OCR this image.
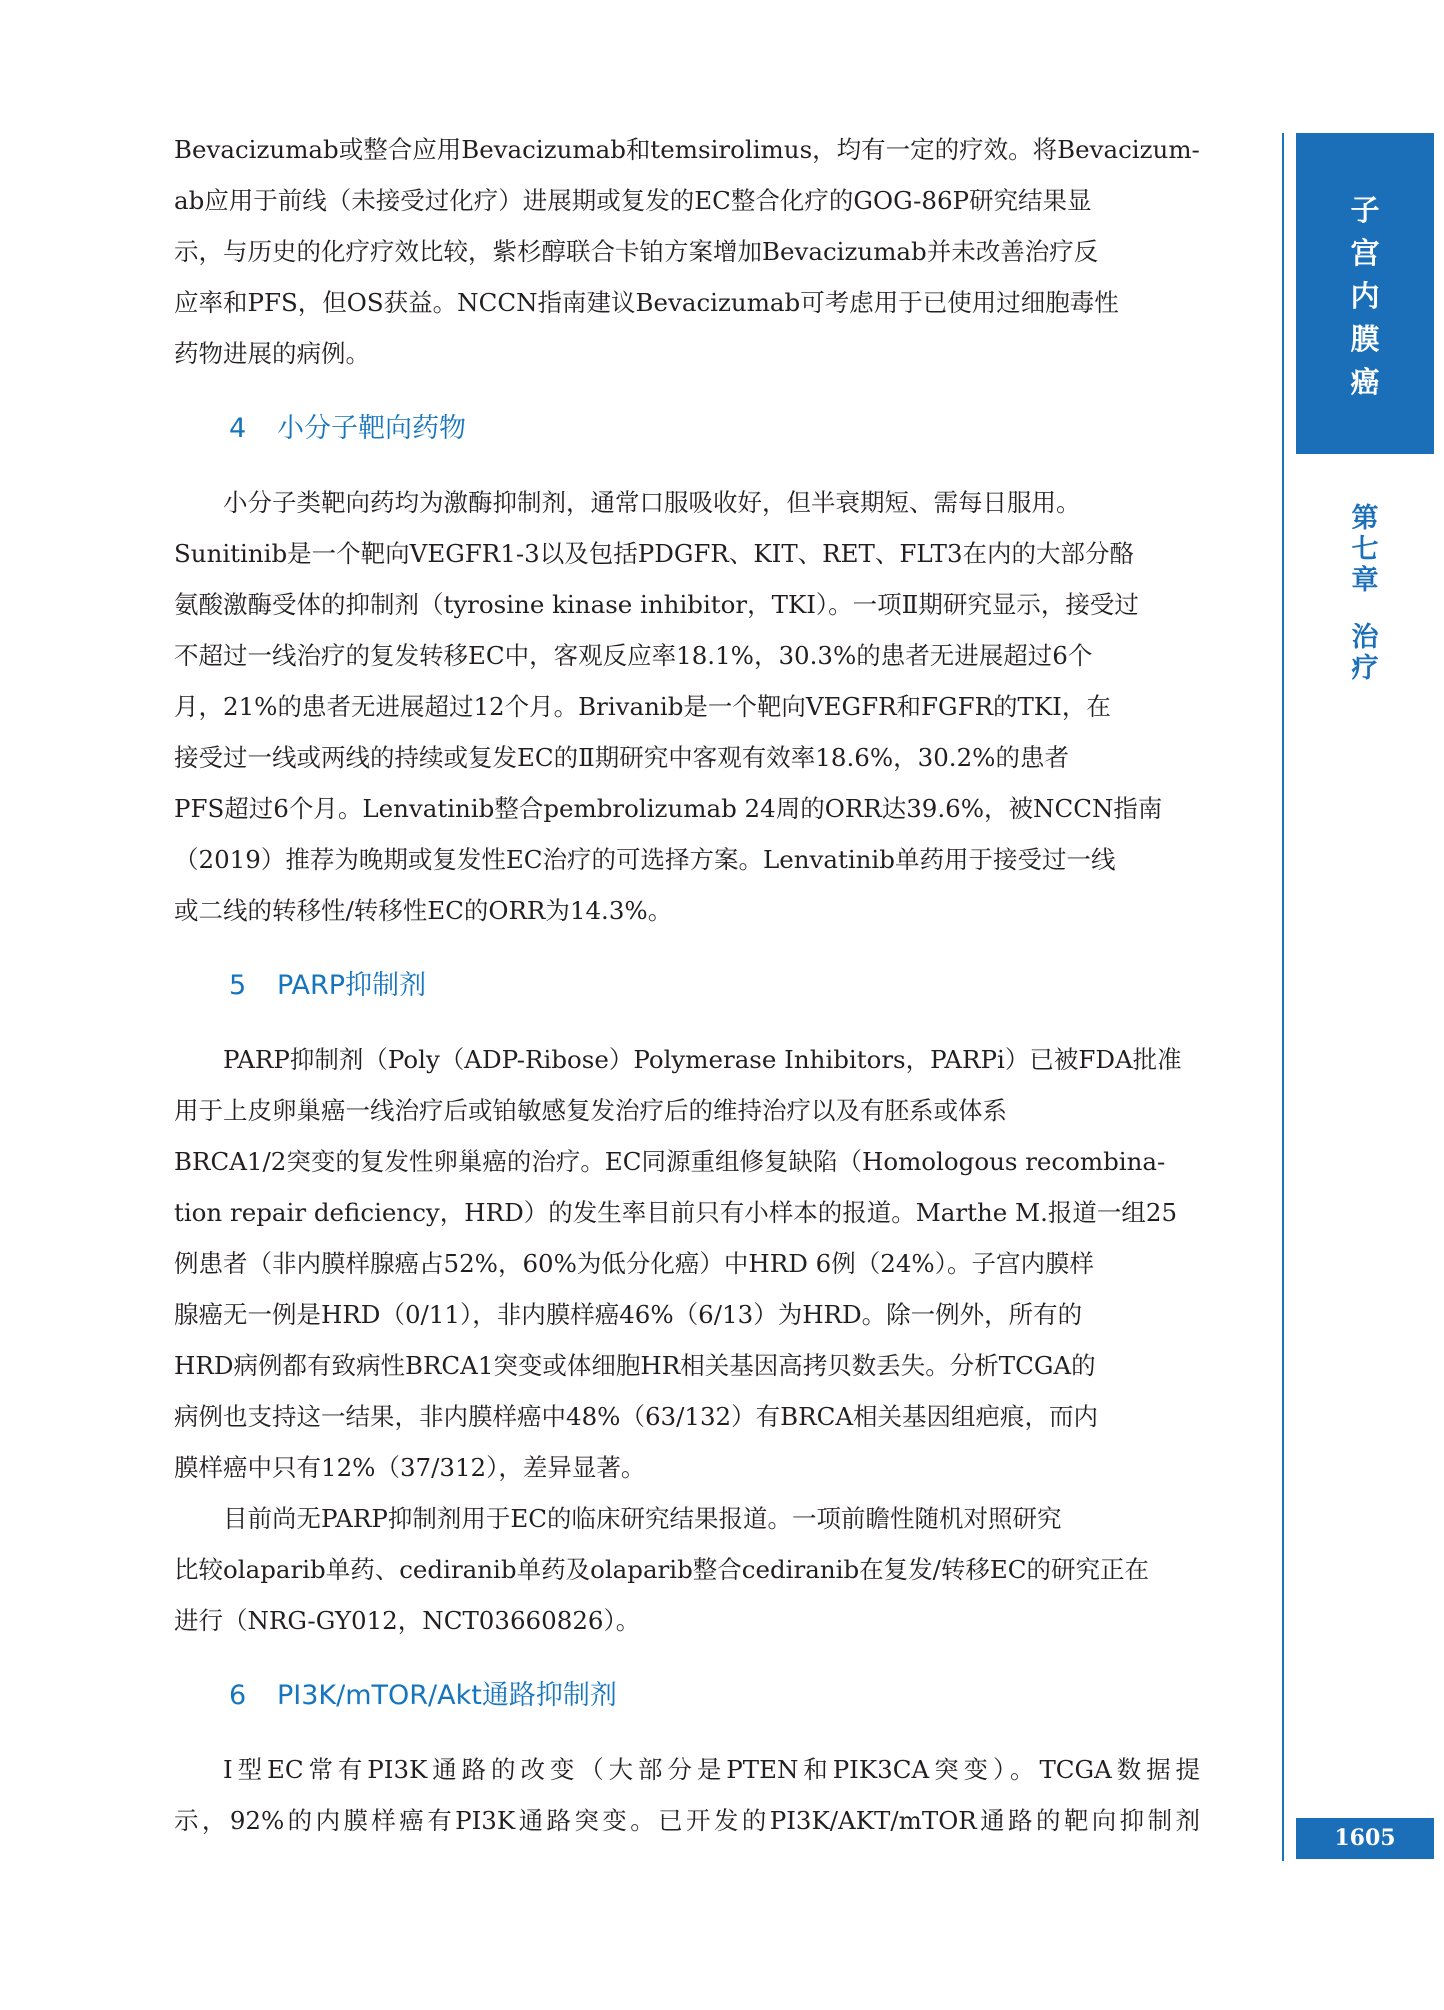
Bevacizumab或整合应用Bevacizumab和temsirolimus，均有一定的疗效。将Bevacizum-
ab应用于前线（未接受过化疗）进展期或复发的EC整合化疗的GOG-86P研究结果显
示，与历史的化疗疗效比较，紫杉醇联合卡铂方案增加Bevacizumab并未改善治疗反
应率和PFS，但OS获益。NCCN指南建议Bevacizumab可考虑用于已使用过细胞毒性
药物进展的病例。

4 小分子靶向药物

小分子类靶向药均为激酶抑制剂，通常口服吸收好，但半衰期短、需每日服用。
Sunitinib是一个靶向VEGFR1-3以及包括PDGFR、KIT、RET、FLT3在内的大部分酪
氨酸激酶受体的抑制剂（tyrosine kinase inhibitor，TKI）。一项Ⅱ期研究显示，接受过
不超过一线治疗的复发转移EC中，客观反应率18.1%，30.3%的患者无进展超过6个
月，21%的患者无进展超过12个月。Brivanib是一个靶向VEGFR和FGFR的TKI，在
接受过一线或两线的持续或复发EC的Ⅱ期研究中客观有效率18.6%，30.2%的患者
PFS超过6个月。Lenvatinib整合pembrolizumab 24周的ORR达39.6%，被NCCN指南
（2019）推荐为晚期或复发性EC治疗的可选择方案。Lenvatinib单药用于接受过一线
或二线的转移性/转移性EC的ORR为14.3%。

5 PARP抑制剂

PARP抑制剂（Poly（ADP-Ribose）Polymerase Inhibitors，PARPi）已被FDA批准
用于上皮卵巢癌一线治疗后或铂敏感复发治疗后的维持治疗以及有胚系或体系
BRCA1/2突变的复发性卵巢癌的治疗。EC同源重组修复缺陷（Homologous recombina-
tion repair deficiency，HRD）的发生率目前只有小样本的报道。Marthe M.报道一组25
例患者（非内膜样腺癌占52%，60%为低分化癌）中HRD 6例（24%）。子宫内膜样
腺癌无一例是HRD（0/11），非内膜样癌46%（6/13）为HRD。除一例外，所有的
HRD病例都有致病性BRCA1突变或体细胞HR相关基因高拷贝数丢失。分析TCGA的
病例也支持这一结果，非内膜样癌中48%（63/132）有BRCA相关基因组疤痕，而内
膜样癌中只有12%（37/312），差异显著。

目前尚无PARP抑制剂用于EC的临床研究结果报道。一项前瞻性随机对照研究
比较olaparib单药、cediranib单药及olaparib整合cediranib在复发/转移EC的研究正在
进行（NRG-GY012，NCT03660826）。

6 PI3K/mTOR/Akt通路抑制剂

Ⅰ型EC常有PI3K通路的改变（大部分是PTEN和PIK3CA突变）。TCGA数据提
示，92%的内膜样癌有PI3K通路突变。已开发的PI3K/AKT/mTOR通路的靶向抑制剂

子
宫
内
膜
癌
第
七
章
治
疗
1605
